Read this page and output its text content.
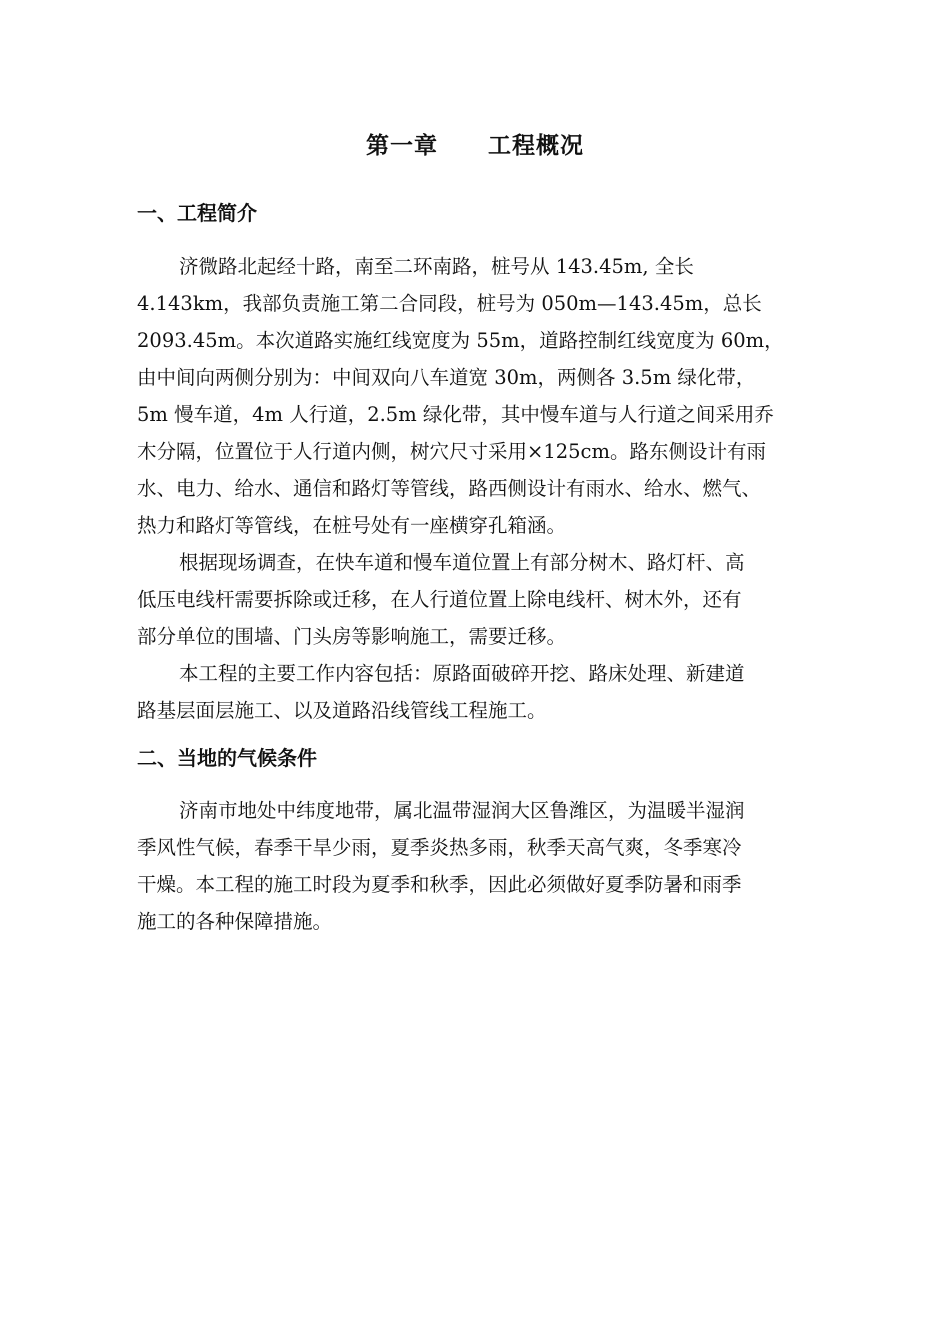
第一章 工程概况
一、工程简介
济微路北起经十路，南至二环南路，桩号从 143.45m, 全长
4.143km，我部负责施工第二合同段，桩号为 050m—143.45m，总长
2093.45m。本次道路实施红线宽度为 55m，道路控制红线宽度为 60m，
由中间向两侧分别为：中间双向八车道宽 30m，两侧各 3.5m 绿化带，
5m 慢车道，4m 人行道，2.5m 绿化带，其中慢车道与人行道之间采用乔
木分隔，位置位于人行道内侧，树穴尺寸采用×125cm。路东侧设计有雨
水、电力、给水、通信和路灯等管线，路西侧设计有雨水、给水、燃气、
热力和路灯等管线，在桩号处有一座横穿孔箱涵。
根据现场调查，在快车道和慢车道位置上有部分树木、路灯杆、高
低压电线杆需要拆除或迁移，在人行道位置上除电线杆、树木外，还有
部分单位的围墙、门头房等影响施工，需要迁移。
本工程的主要工作内容包括：原路面破碎开挖、路床处理、新建道
路基层面层施工、以及道路沿线管线工程施工。
二、当地的气候条件
济南市地处中纬度地带，属北温带湿润大区鲁潍区，为温暖半湿润
季风性气候，春季干旱少雨，夏季炎热多雨，秋季天高气爽，冬季寒冷
干燥。本工程的施工时段为夏季和秋季，因此必须做好夏季防暑和雨季
施工的各种保障措施。
